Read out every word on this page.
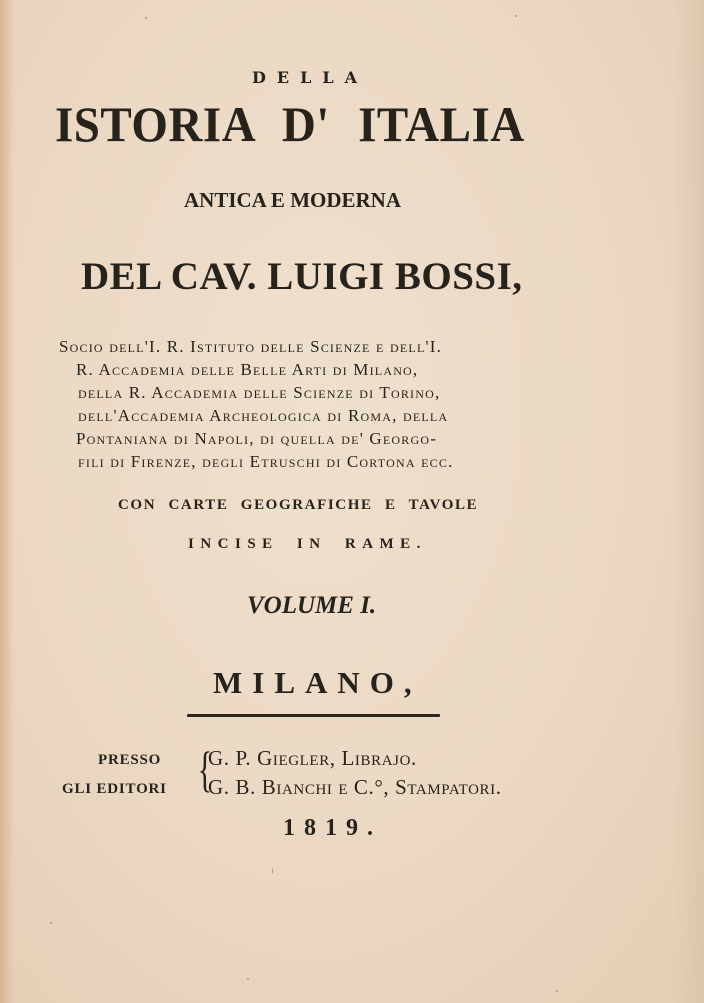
DELLA
ISTORIA D' ITALIA
ANTICA E MODERNA
DEL CAV. LUIGI BOSSI,
Socio dell'I. R. Istituto delle Scienze e dell'I.
R. Accademia delle Belle Arti di Milano,
della R. Accademia delle Scienze di Torino,
dell'Accademia Archeologica di Roma, della
Pontaniana di Napoli, di quella de' Georgo-
fili di Firenze, degli Etruschi di Cortona ecc.
CON CARTE GEOGRAFICHE E TAVOLE
INCISE IN RAME.
VOLUME I.
MILANO,
PRESSO
GLI EDITORI {
G. P. Giegler, Librajo.
G. B. Bianchi e C.°, Stampatori.
1819.
